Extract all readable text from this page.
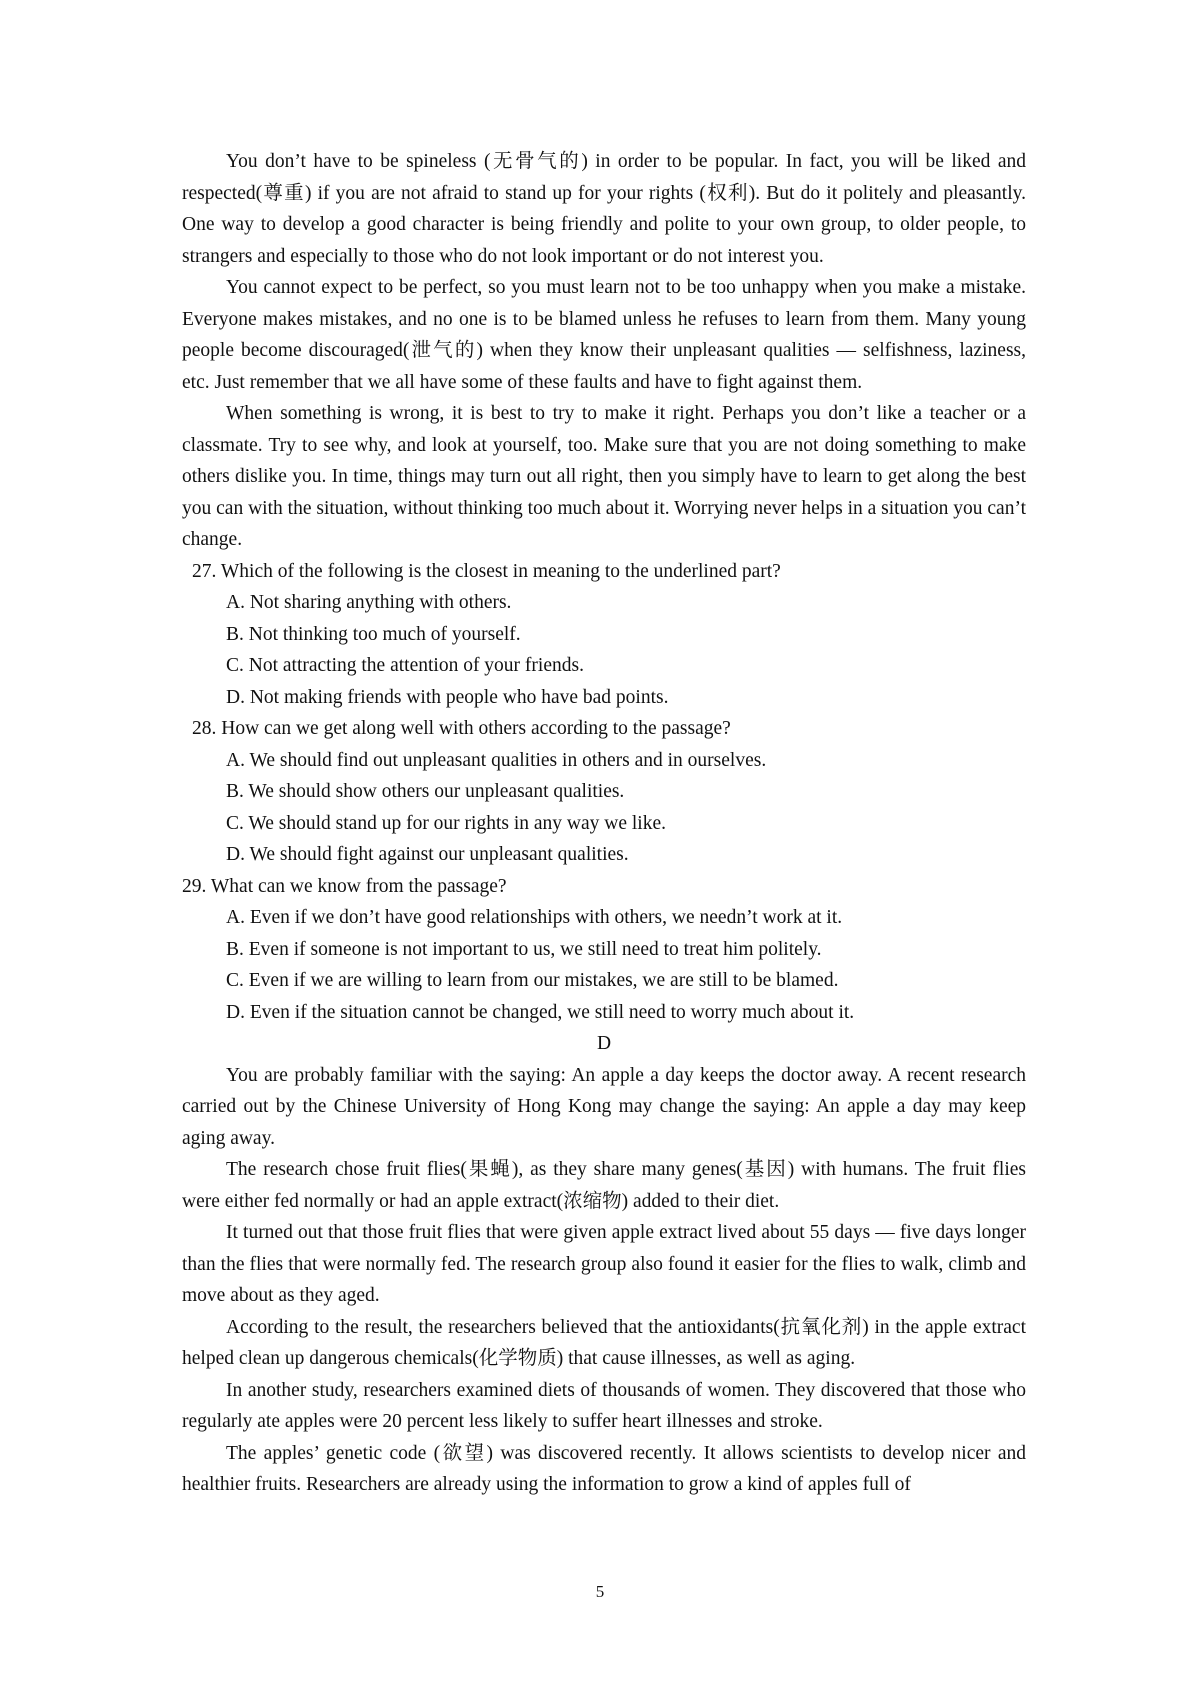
You don’t have to be spineless (无骨气的) in order to be popular. In fact, you will be liked and respected(尊重) if you are not afraid to stand up for your rights (权利). But do it politely and pleasantly. One way to develop a good character is being friendly and polite to your own group, to older people, to strangers and especially to those who do not look important or do not interest you.

You cannot expect to be perfect, so you must learn not to be too unhappy when you make a mistake. Everyone makes mistakes, and no one is to be blamed unless he refuses to learn from them. Many young people become discouraged(泄气的) when they know their unpleasant qualities — selfishness, laziness, etc. Just remember that we all have some of these faults and have to fight against them.

When something is wrong, it is best to try to make it right. Perhaps you don’t like a teacher or a classmate. Try to see why, and look at yourself, too. Make sure that you are not doing something to make others dislike you. In time, things may turn out all right, then you simply have to learn to get along the best you can with the situation, without thinking too much about it. Worrying never helps in a situation you can’t change.

27. Which of the following is the closest in meaning to the underlined part?

A. Not sharing anything with others.

B. Not thinking too much of yourself.

C. Not attracting the attention of your friends.

D. Not making friends with people who have bad points.

28. How can we get along well with others according to the passage?

A. We should find out unpleasant qualities in others and in ourselves.

B. We should show others our unpleasant qualities.

C. We should stand up for our rights in any way we like.

D. We should fight against our unpleasant qualities.

29. What can we know from the passage?

A. Even if we don’t have good relationships with others, we needn’t work at it.

B. Even if someone is not important to us, we still need to treat him politely.

C. Even if we are willing to learn from our mistakes, we are still to be blamed.

D. Even if the situation cannot be changed, we still need to worry much about it.

D

You are probably familiar with the saying: An apple a day keeps the doctor away. A recent research carried out by the Chinese University of Hong Kong may change the saying: An apple a day may keep aging away.

The research chose fruit flies(果蝇), as they share many genes(基因) with humans. The fruit flies were either fed normally or had an apple extract(浓缩物) added to their diet.

It turned out that those fruit flies that were given apple extract lived about 55 days — five days longer than the flies that were normally fed. The research group also found it easier for the flies to walk, climb and move about as they aged.

According to the result, the researchers believed that the antioxidants(抗氧化剂) in the apple extract helped clean up dangerous chemicals(化学物质) that cause illnesses, as well as aging.

In another study, researchers examined diets of thousands of women. They discovered that those who regularly ate apples were 20 percent less likely to suffer heart illnesses and stroke.

The apples’ genetic code (欲望) was discovered recently. It allows scientists to develop nicer and healthier fruits. Researchers are already using the information to grow a kind of apples full of

5
